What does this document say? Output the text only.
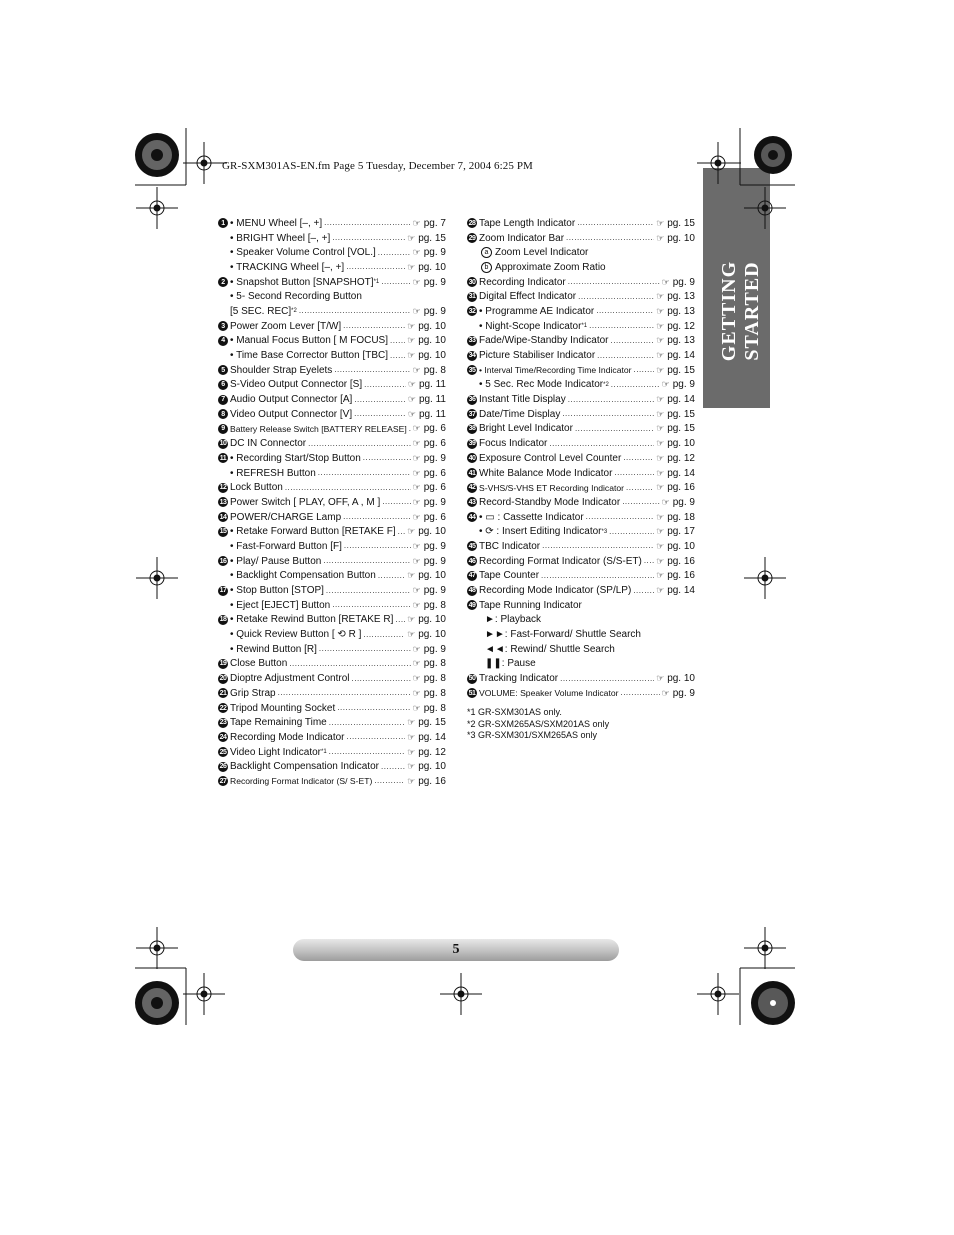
GR-SXM301AS-EN.fm Page 5 Tuesday, December 7, 2004 6:25 PM
GETTING STARTED
1 • MENU Wheel [–, +] .....	☞ pg. 7
• BRIGHT Wheel [–, +] .....	☞ pg. 15
• Speaker Volume Control [VOL.] .....	☞ pg. 9
• TRACKING Wheel [–, +] .....	☞ pg. 10
2 • Snapshot Button [SNAPSHOT] *1 .....	☞ pg. 9
• 5- Second Recording Button
[5 SEC. REC] *2 .....	☞ pg. 9
3 Power Zoom Lever [T/W] .....	☞ pg. 10
4 • Manual Focus Button [ M FOCUS] ..... ☞ pg. 10
• Time Base Corrector Button [TBC] ..... ☞ pg. 10
5 Shoulder Strap Eyelets .....	☞ pg. 8
6 S-Video Output Connector [S] .....	☞ pg. 11
7 Audio Output Connector [A] .....	☞ pg. 11
8 Video Output Connector [V] .....	☞ pg. 11
9 Battery Release Switch [BATTERY RELEASE] ..... ☞ pg. 6
10 DC IN Connector .....	☞ pg. 6
11 • Recording Start/Stop Button .....	☞ pg. 9
• REFRESH Button .....	☞ pg. 6
12 Lock Button .....	☞ pg. 6
13 Power Switch [ PLAY, OFF, A , M ] .....	☞ pg. 9
14 POWER/CHARGE Lamp .....	☞ pg. 6
15 • Retake Forward Button [RETAKE F] ..... ☞ pg. 10
• Fast-Forward Button [F] .....	☞ pg. 9
16 • Play/ Pause Button .....	☞ pg. 9
• Backlight Compensation Button .....	☞ pg. 10
17 • Stop Button [STOP] .....	☞ pg. 9
• Eject [EJECT] Button .....	☞ pg. 8
18 • Retake Rewind Button [RETAKE R] ..... ☞ pg. 10
• Quick Review Button [ ⟲ R ] .....	☞ pg. 10
• Rewind Button [R] .....	☞ pg. 9
19 Close Button .....	☞ pg. 8
20 Dioptre Adjustment Control .....	☞ pg. 8
21 Grip Strap .....	☞ pg. 8
22 Tripod Mounting Socket .....	☞ pg. 8
23 Tape Remaining Time .....	☞ pg. 15
24 Recording Mode Indicator .....	☞ pg. 14
25 Video Light Indicator *1 .....	☞ pg. 12
26 Backlight Compensation Indicator .....	☞ pg. 10
27 Recording Format Indicator (S/ S-ET) .....	☞ pg. 16
28 Tape Length Indicator .....	☞ pg. 15
29 Zoom Indicator Bar .....	☞ pg. 10
a Zoom Level Indicator
b Approximate Zoom Ratio
30 Recording Indicator .....	☞ pg. 9
31 Digital Effect Indicator .....	☞ pg. 13
32 • Programme AE Indicator .....	☞ pg. 13
• Night-Scope Indicator *1 .....	☞ pg. 12
33 Fade/Wipe-Standby Indicator .....	☞ pg. 13
34 Picture Stabiliser Indicator .....	☞ pg. 14
35 • Interval Time/Recording Time Indicator .....	☞ pg. 15
• 5 Sec. Rec Mode Indicator *2 .....	☞ pg. 9
36 Instant Title Display .....	☞ pg. 14
37 Date/Time Display .....	☞ pg. 15
38 Bright Level Indicator .....	☞ pg. 15
39 Focus Indicator .....	☞ pg. 10
40 Exposure Control Level Counter .....	☞ pg. 12
41 White Balance Mode Indicator .....	☞ pg. 14
42 S-VHS/S-VHS ET Recording Indicator .....	☞ pg. 16
43 Record-Standby Mode Indicator .....	☞ pg. 9
44 • ▭ : Cassette Indicator .....	☞ pg. 18
• ⟳ : Insert Editing Indicator *3 .....	☞ pg. 17
45 TBC Indicator .....	☞ pg. 10
46 Recording Format Indicator (S/S-ET) ..... ☞ pg. 16
47 Tape Counter .....	☞ pg. 16
48 Recording Mode Indicator (SP/LP) .....	☞ pg. 14
49 Tape Running Indicator
►: Playback
►►: Fast-Forward/ Shuttle Search
◄◄: Rewind/ Shuttle Search
❚❚: Pause
50 Tracking Indicator .....	☞ pg. 10
51 VOLUME: Speaker Volume Indicator .....	☞ pg. 9
*1 GR-SXM301AS only.
*2 GR-SXM265AS/SXM201AS only
*3 GR-SXM301/SXM265AS only
5
